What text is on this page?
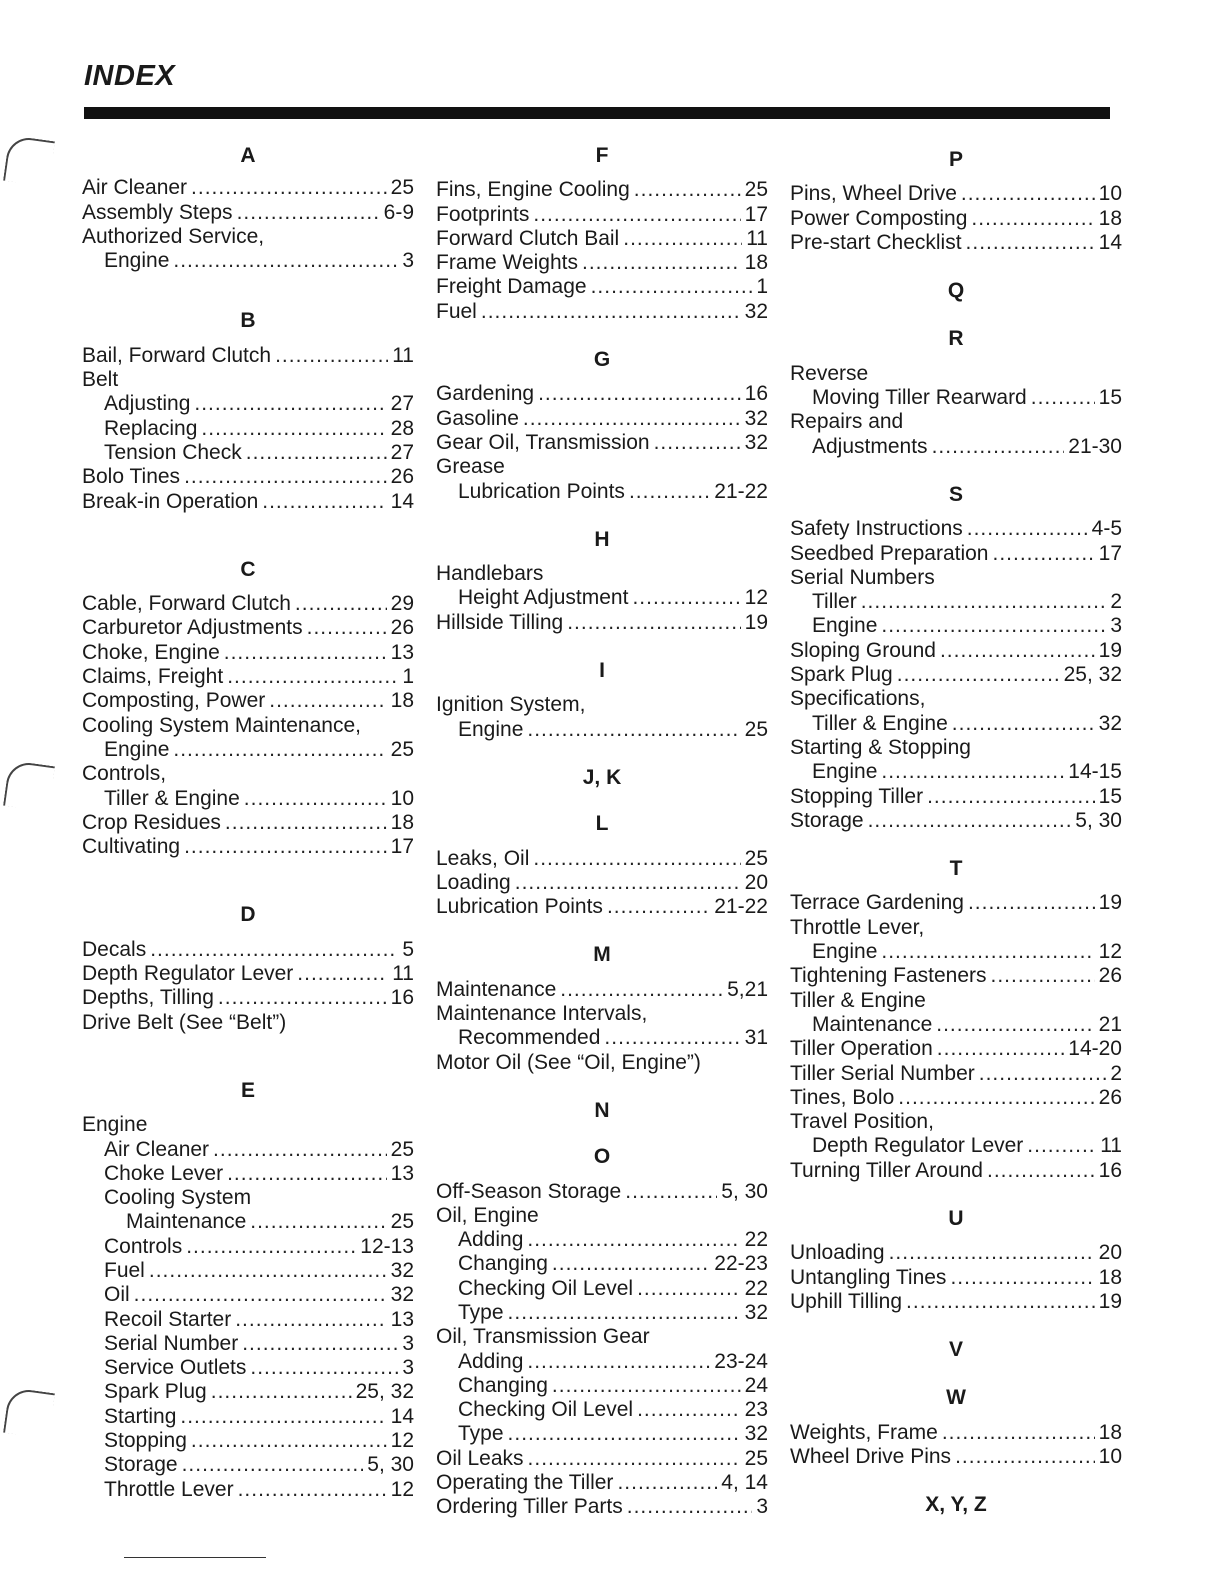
INDEX
A
Air Cleaner .....	25
Assembly Steps .....	6-9
Authorized Service,
Engine .....	3
B
Bail, Forward Clutch .....	11
Belt
Adjusting .....	27
Replacing .....	28
Tension Check .....	27
Bolo Tines .....	26
Break-in Operation .....	14
C
Cable, Forward Clutch .....	29
Carburetor Adjustments .....	26
Choke, Engine .....	13
Claims, Freight .....	1
Composting, Power .....	18
Cooling System Maintenance,
Engine .....	25
Controls,
Tiller & Engine .....	10
Crop Residues .....	18
Cultivating .....	17
D
Decals .....	5
Depth Regulator Lever .....	11
Depths, Tilling .....	16
Drive Belt (See “Belt”)
E
Engine
Air Cleaner .....	25
Choke Lever .....	13
Cooling System
Maintenance .....	25
Controls .....	12-13
Fuel .....	32
Oil .....	32
Recoil Starter .....	13
Serial Number .....	3
Service Outlets .....	3
Spark Plug .....	25, 32
Starting .....	14
Stopping .....	12
Storage .....	5, 30
Throttle Lever .....	12
F
Fins, Engine Cooling .....	25
Footprints .....	17
Forward Clutch Bail .....	11
Frame Weights .....	18
Freight Damage .....	1
Fuel .....	32
G
Gardening .....	16
Gasoline .....	32
Gear Oil, Transmission .....	32
Grease
Lubrication Points .....	21-22
H
Handlebars
Height Adjustment .....	12
Hillside Tilling .....	19
I
Ignition System,
Engine .....	25
J, K
L
Leaks, Oil .....	25
Loading .....	20
Lubrication Points .....	21-22
M
Maintenance .....	5,21
Maintenance Intervals,
Recommended .....	31
Motor Oil (See “Oil, Engine”)
N
O
Off-Season Storage .....	5, 30
Oil, Engine
Adding .....	22
Changing .....	22-23
Checking Oil Level .....	22
Type .....	32
Oil, Transmission Gear
Adding .....	23-24
Changing .....	24
Checking Oil Level .....	23
Type .....	32
Oil Leaks .....	25
Operating the Tiller .....	4, 14
Ordering Tiller Parts .....	3
P
Pins, Wheel Drive .....	10
Power Composting .....	18
Pre-start Checklist .....	14
Q
R
Reverse
Moving Tiller Rearward .....	15
Repairs and
Adjustments .....	21-30
S
Safety Instructions .....	4-5
Seedbed Preparation .....	17
Serial Numbers
Tiller .....	2
Engine .....	3
Sloping Ground .....	19
Spark Plug .....	25, 32
Specifications,
Tiller & Engine .....	32
Starting & Stopping
Engine .....	14-15
Stopping Tiller .....	15
Storage .....	5, 30
T
Terrace Gardening .....	19
Throttle Lever,
Engine .....	12
Tightening Fasteners .....	26
Tiller & Engine
Maintenance .....	21
Tiller Operation .....	14-20
Tiller Serial Number .....	2
Tines, Bolo .....	26
Travel Position,
Depth Regulator Lever .....	11
Turning Tiller Around .....	16
U
Unloading .....	20
Untangling Tines .....	18
Uphill Tilling .....	19
V
W
Weights, Frame .....	18
Wheel Drive Pins .....	10
X, Y, Z
